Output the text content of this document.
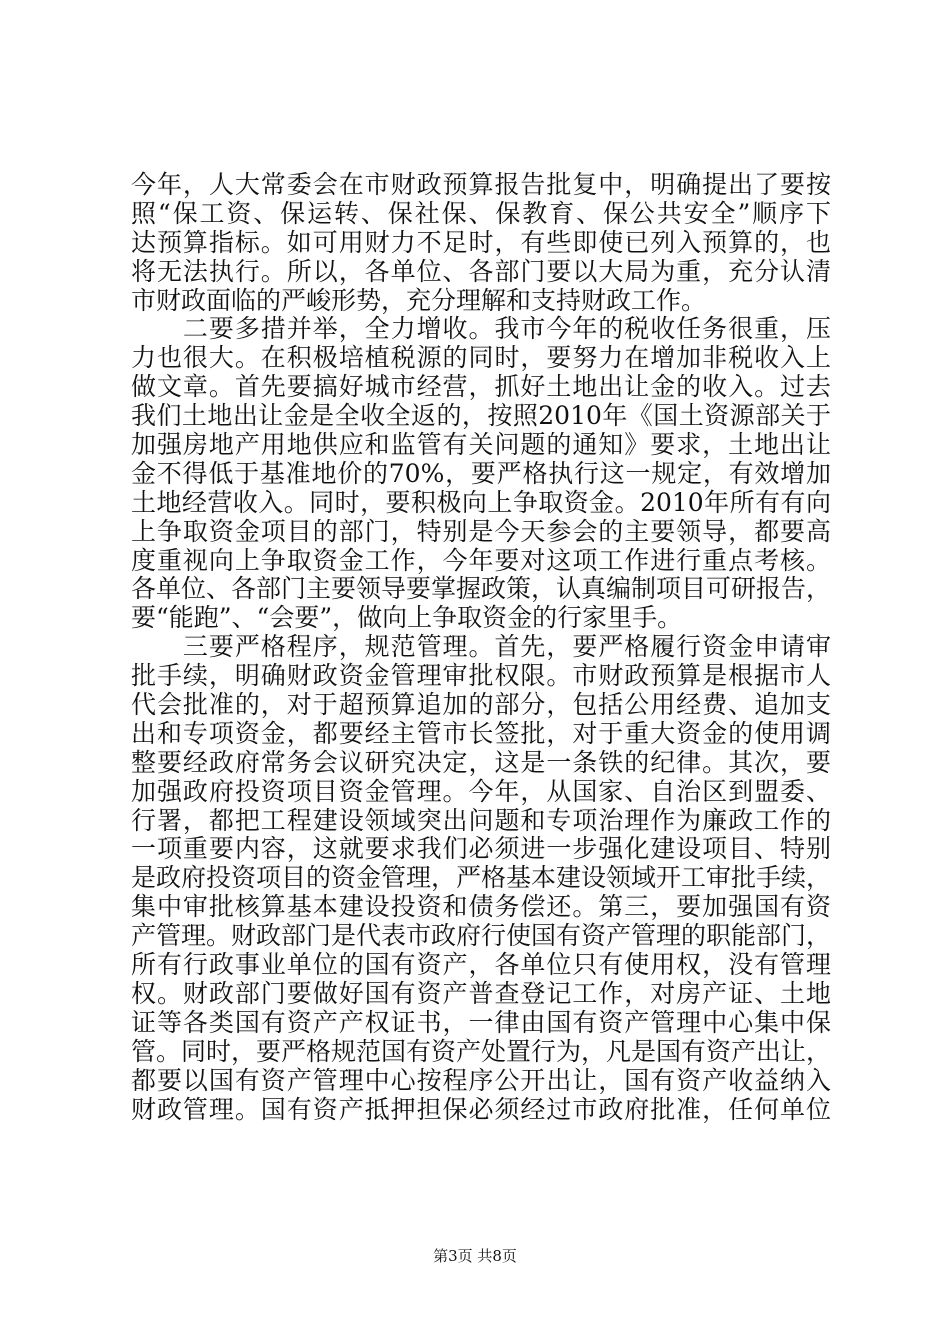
今年，人大常委会在市财政预算报告批复中，明确提出了要按
照“保工资、保运转、保社保、保教育、保公共安全”顺序下
达预算指标。如可用财力不足时，有些即使已列入预算的，也
将无法执行。所以，各单位、各部门要以大局为重，充分认清
市财政面临的严峻形势，充分理解和支持财政工作。
　　二要多措并举，全力增收。我市今年的税收任务很重，压
力也很大。在积极培植税源的同时，要努力在增加非税收入上
做文章。首先要搞好城市经营，抓好土地出让金的收入。过去
我们土地出让金是全收全返的，按照2010年《国土资源部关于
加强房地产用地供应和监管有关问题的通知》要求，土地出让
金不得低于基准地价的70%，要严格执行这一规定，有效增加
土地经营收入。同时，要积极向上争取资金。2010年所有有向
上争取资金项目的部门，特别是今天参会的主要领导，都要高
度重视向上争取资金工作，今年要对这项工作进行重点考核。
各单位、各部门主要领导要掌握政策，认真编制项目可研报告，
要“能跑”、“会要”，做向上争取资金的行家里手。
　　三要严格程序，规范管理。首先，要严格履行资金申请审
批手续，明确财政资金管理审批权限。市财政预算是根据市人
代会批准的，对于超预算追加的部分，包括公用经费、追加支
出和专项资金，都要经主管市长签批，对于重大资金的使用调
整要经政府常务会议研究决定，这是一条铁的纪律。其次，要
加强政府投资项目资金管理。今年，从国家、自治区到盟委、
行署，都把工程建设领域突出问题和专项治理作为廉政工作的
一项重要内容，这就要求我们必须进一步强化建设项目、特别
是政府投资项目的资金管理，严格基本建设领域开工审批手续，
集中审批核算基本建设投资和债务偿还。第三，要加强国有资
产管理。财政部门是代表市政府行使国有资产管理的职能部门，
所有行政事业单位的国有资产，各单位只有使用权，没有管理
权。财政部门要做好国有资产普查登记工作，对房产证、土地
证等各类国有资产产权证书，一律由国有资产管理中心集中保
管。同时，要严格规范国有资产处置行为，凡是国有资产出让，
都要以国有资产管理中心按程序公开出让，国有资产收益纳入
财政管理。国有资产抵押担保必须经过市政府批准，任何单位
第3页 共8页
